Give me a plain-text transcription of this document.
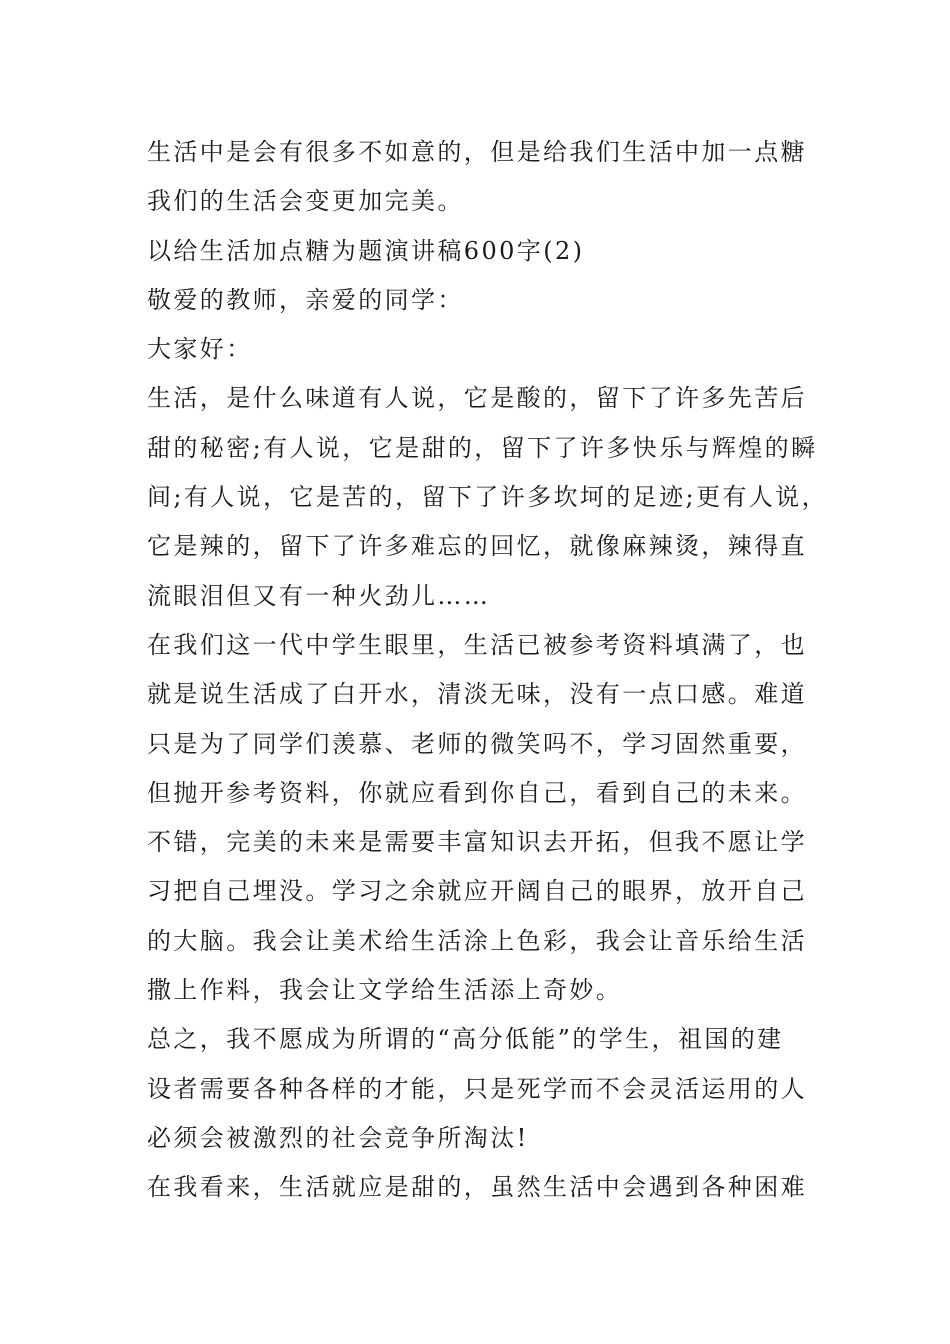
生活中是会有很多不如意的，但是给我们生活中加一点糖
我们的生活会变更加完美。
以给生活加点糖为题演讲稿600字(2)
敬爱的教师，亲爱的同学：
大家好：
生活，是什么味道有人说，它是酸的，留下了许多先苦后
甜的秘密;有人说，它是甜的，留下了许多快乐与辉煌的瞬
间;有人说，它是苦的，留下了许多坎坷的足迹;更有人说，
它是辣的，留下了许多难忘的回忆，就像麻辣烫，辣得直
流眼泪但又有一种火劲儿……
在我们这一代中学生眼里，生活已被参考资料填满了，也
就是说生活成了白开水，清淡无味，没有一点口感。难道
只是为了同学们羡慕、老师的微笑吗不，学习固然重要，
但抛开参考资料，你就应看到你自己，看到自己的未来。
不错，完美的未来是需要丰富知识去开拓，但我不愿让学
习把自己埋没。学习之余就应开阔自己的眼界，放开自己
的大脑。我会让美术给生活涂上色彩，我会让音乐给生活
撒上作料，我会让文学给生活添上奇妙。
总之，我不愿成为所谓的“高分低能”的学生，祖国的建
设者需要各种各样的才能，只是死学而不会灵活运用的人
必须会被激烈的社会竞争所淘汰!
在我看来，生活就应是甜的，虽然生活中会遇到各种困难
